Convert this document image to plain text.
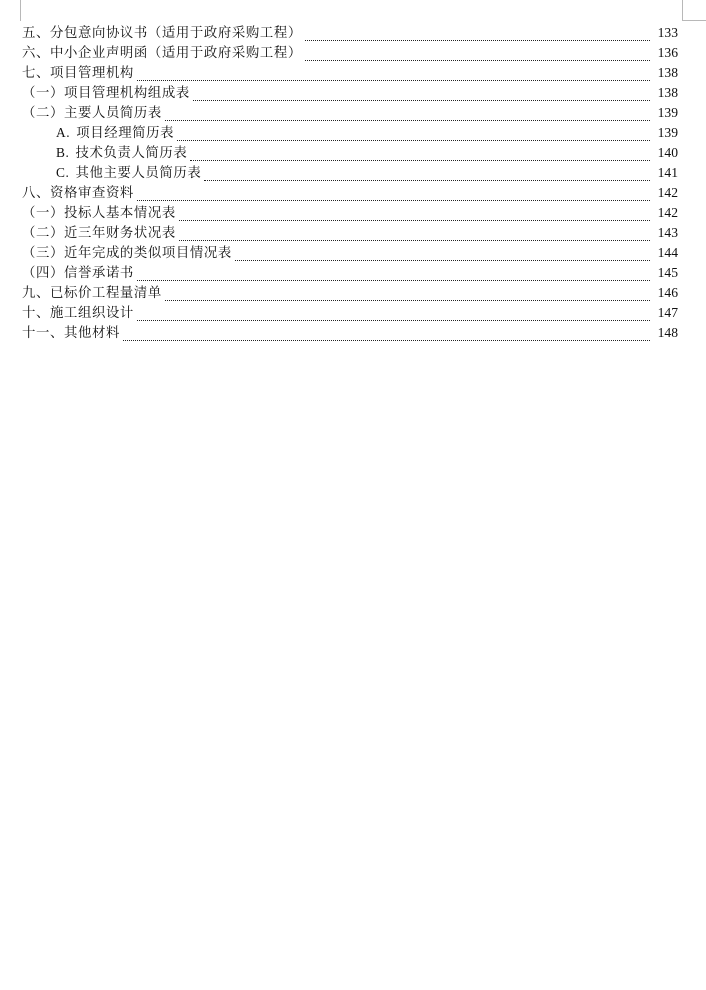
五、分包意向协议书（适用于政府采购工程）	133
六、中小企业声明函（适用于政府采购工程）	136
七、项目管理机构	138
（一）项目管理机构组成表	138
（二）主要人员简历表	139
A. 项目经理简历表	139
B. 技术负责人简历表	140
C. 其他主要人员简历表	141
八、资格审查资料	142
（一）投标人基本情况表	142
（二）近三年财务状况表	143
（三）近年完成的类似项目情况表	144
（四）信誉承诺书	145
九、已标价工程量清单	146
十、施工组织设计	147
十一、其他材料	148
